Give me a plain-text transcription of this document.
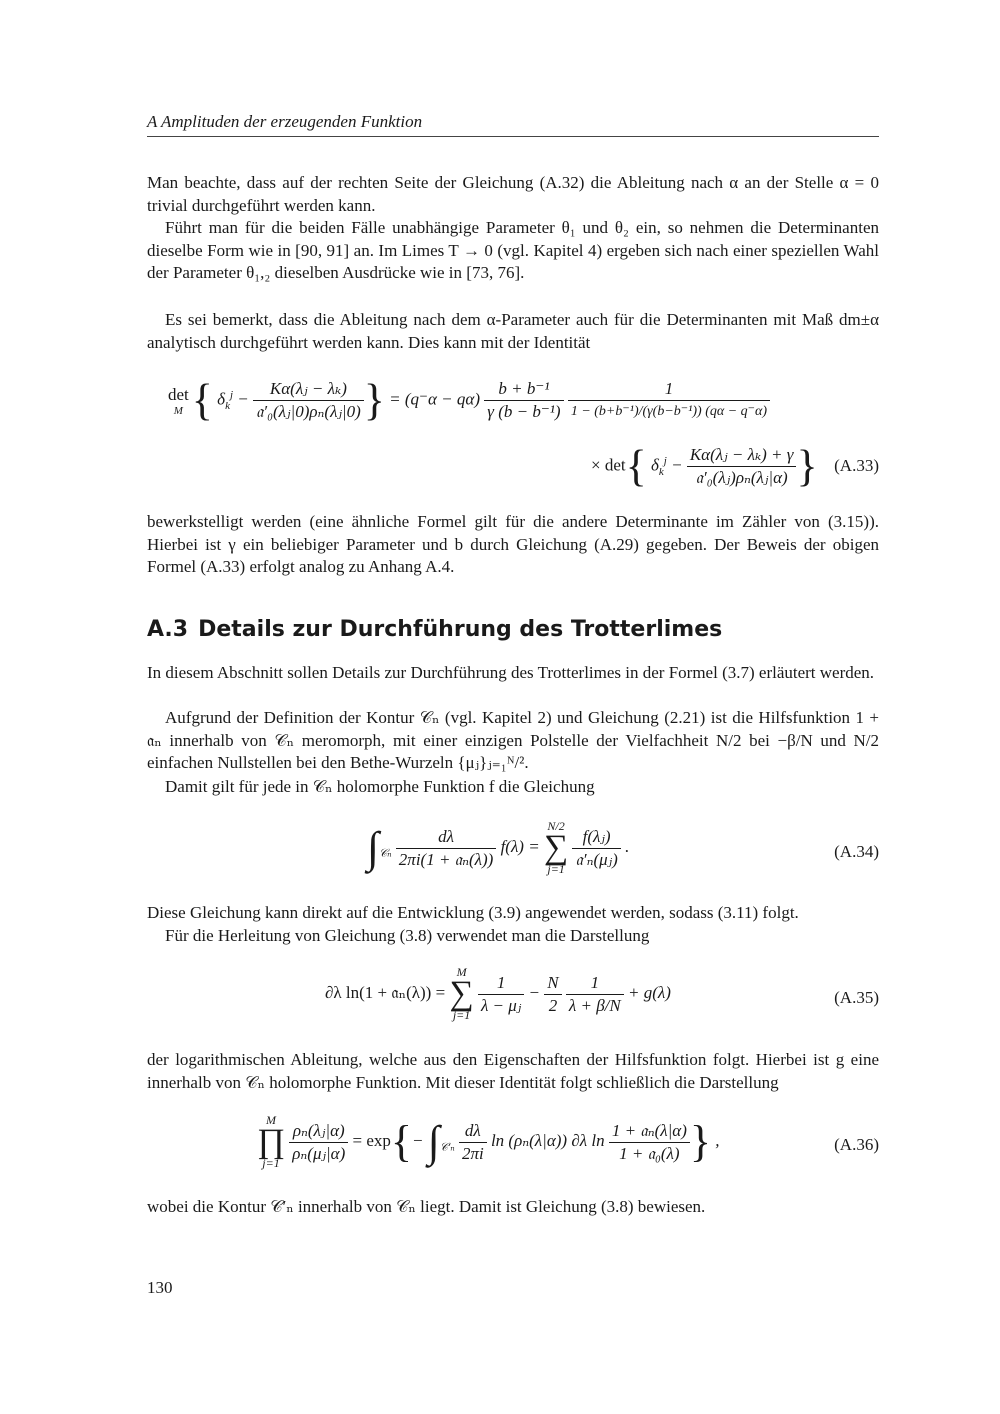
A Amplituden der erzeugenden Funktion

Man beachte, dass auf der rechten Seite der Gleichung (A.32) die Ableitung nach α an der Stelle α = 0 trivial durchgeführt werden kann.

Führt man für die beiden Fälle unabhängige Parameter θ₁ und θ₂ ein, so nehmen die Determinanten dieselbe Form wie in [90, 91] an. Im Limes T → 0 (vgl. Kapitel 4) ergeben sich nach einer speziellen Wahl der Parameter θ₁,₂ dieselben Ausdrücke wie in [73, 76].

Es sei bemerkt, dass die Ableitung nach dem α-Parameter auch für die Determinanten mit Maß dm±α analytisch durchgeführt werden kann. Dies kann mit der Identität

det
M { $\delta_k^j - \frac{\text{Kα(λⱼ − λₖ)}}{\text{𝔞′₀(λⱼ|0)ρₙ(λⱼ|0)}}$ } = $(q^-\alpha - q\alpha) \frac{\text{b + b⁻¹}}{\text{γ (b − b⁻¹)}}$
$\frac{1}{\text{1 − (b+b⁻¹)/(γ(b−b⁻¹)) (qα − q⁻α)}}$
× det{ $\delta_k^j - \frac{\text{Kα(λⱼ − λₖ) + γ}}{\text{𝔞′₀(λⱼ)ρₙ(λⱼ|α)}}$ } (A.33)

bewerkstelligt werden (eine ähnliche Formel gilt für die andere Determinante im Zähler von (3.15)). Hierbei ist γ ein beliebiger Parameter und b durch Gleichung (A.29) gegeben. Der Beweis der obigen Formel (A.33) erfolgt analog zu Anhang A.4.

A.3 Details zur Durchführung des Trotterlimes

In diesem Abschnitt sollen Details zur Durchführung des Trotterlimes in der Formel (3.7) erläutert werden.

Aufgrund der Definition der Kontur 𝒞ₙ (vgl. Kapitel 2) und Gleichung (2.21) ist die Hilfsfunktion 1 + 𝔞ₙ innerhalb von 𝒞ₙ meromorph, mit einer einzigen Polstelle der Vielfachheit N/2 bei −β/N und N/2 einfachen Nullstellen bei den Bethe-Wurzeln {μⱼ}ⱼ₌₁ᴺ/².

Damit gilt für jede in 𝒞ₙ holomorphe Funktion f die Gleichung

$\int_{𝒞_n} \frac{d\lambda}{\text{2πi(1 + 𝔞ₙ(λ))}} f(\lambda)$ =
N/2
∑
j=1
$\frac{\text{f(λⱼ)}}{\text{𝔞′ₙ(μⱼ)}}$ .	(A.34)

Diese Gleichung kann direkt auf die Entwicklung (3.9) angewendet werden, sodass (3.11) folgt.

Für die Herleitung von Gleichung (3.8) verwendet man die Darstellung

∂λ ln(1 + 𝔞ₙ(λ)) =
M
∑
j=1
$\frac{1}{\text{λ − μⱼ}} - \frac{N}{2}$
$\frac{1}{\lambda + \beta/N} + g(\lambda)$	(A.35)

der logarithmischen Ableitung, welche aus den Eigenschaften der Hilfsfunktion folgt. Hierbei ist g eine innerhalb von 𝒞ₙ holomorphe Funktion. Mit dieser Identität folgt schließlich die Darstellung

M
∏
j=1
$\frac{\text{ρₙ(λⱼ|α)}}{\text{ρₙ(μⱼ|α)}} = \exp\{- \int_{𝒞'_n} \frac{d\lambda}{2\pi i}$ ln (ρₙ(λ|α)) ∂λ $\ln \frac{\text{1 + 𝔞ₙ(λ|α)}}{\text{1 + 𝔞₀(λ)}}$ } ,	(A.36)

wobei die Kontur 𝒞′ₙ innerhalb von 𝒞ₙ liegt. Damit ist Gleichung (3.8) bewiesen.

130
